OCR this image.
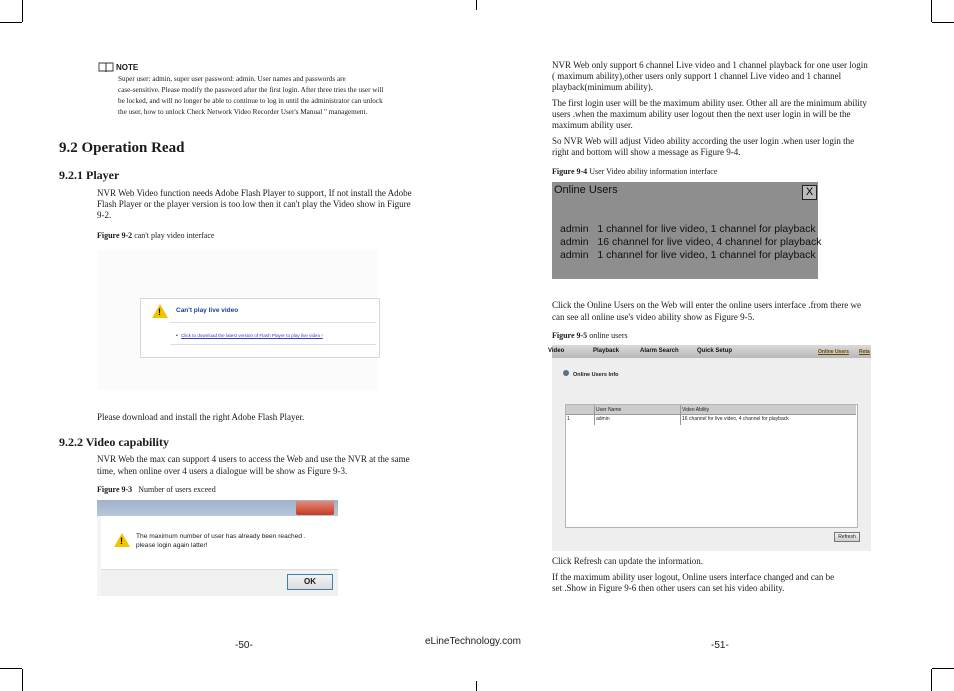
NOTE
Super user: admin, super user password: admin. User names and passwords are
case-sensitive. Please modify the password after the first login. After three tries the user will
be locked, and will no longer be able to continue to log in until the administrator can unlock
the user, how to unlock Check Network Video Recorder User's Manual " management.
9.2 Operation Read
9.2.1 Player
NVR Web Video function needs Adobe Flash Player to support, If not install the Adobe
Flash Player or the player version is too low then it can't play the Video show in Figure
9-2.
Figure 9-2 can't play video interface
! Can't play live video
• Click to download the latest version of Flash Player to play live video !
Please download and install the right Adobe Flash Player.
9.2.2 Video capability
NVR Web the max can support 4 users to access the Web and use the NVR at the same
time, when online over 4 users a dialogue will be show as Figure 9-3.
Figure 9-3 Number of users exceed
OK
! The maximum number of user has already been reached .
please login again latter!
-50-
NVR Web only support 6 channel Live video and 1 channel playback for one user login
( maximum ability),other users only support 1 channel Live video and 1 channel
playback(minimum ability).
The first login user will be the maximum ability user. Other all are the minimum ability
users .when the maximum ability user logout then the next user login in will be the
maximum ability user.
So NVR Web will adjust Video ability according the user login .when user login the
right and bottom will show a message as Figure 9-4.
Figure 9-4 User Video ability information interface
Online Users	X
admin   1 channel for live video, 1 channel for playback
admin   16 channel for live video, 4 channel for playback
admin   1 channel for live video, 1 channel for playback
Click the Online Users on the Web will enter the online users interface .from there we
can see all online use's video ability show as Figure 9-5.
Figure 9-5 online users
Video	Playback	Alarm Search	Quick Setup	Online Users Reta
Online Users Info
User Name	Video Ability
1	admin	16 channel for live video, 4 channel for playback
Refresh
Click Refresh can update the information.
If the maximum ability user logout, Online users interface changed and can be
set .Show in Figure 9-6 then other users can set his video ability.
-51-
eLineTechnology.com
